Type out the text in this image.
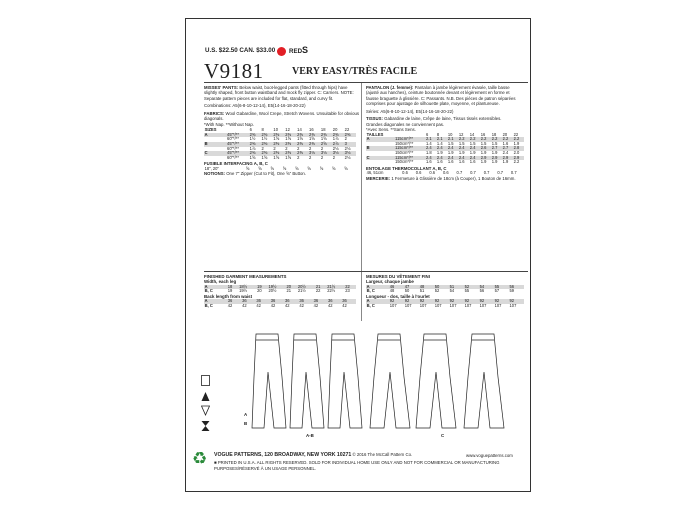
U.S. $22.50 CAN. $33.00 RED S
V9181	VERY EASY/TRÈS FACILE

MISSES' PANTS: Below waist, boot-legged pants (fitted through hips) have slightly shaped, front button waistband and mock fly zipper. C: Carriers. NOTE: Separate pattern pieces are included for flat, standard, and curvy fit.

Combinations: A5(6-8-10-12-14), E5(14-16-18-20-22)

FABRICS: Wool Gabardine, Wool Crepe, Stretch Wovens. Unsuitable for obvious diagonals.

*With Nap. **Without Nap.

SIZES		6	8	10	12	14	16	18	20	22
A	45"*/**	2⅜	2⅜	2⅜	2⅜	2⅜	2⅜	2⅜	2⅜	2⅜
	60"*/**	1½	1½	1⅝	1⅝	1⅝	1⅝	1⅝	1⅞	2
B	45"*/**	2⅜	2⅜	2⅜	2⅜	2⅜	2⅜	2⅝	2⅞	3
	60"*/**	1⅞	2	2	2	2	2	2	2⅛	2⅛
C	45"*/**	2⅜	2⅜	2⅜	2⅜	2⅜	3⅛	3⅛	3⅛	3⅛
	60"*/**	1⅝	1⅝	1⅝	1⅝	2	2	2	2	2⅛
FUSIBLE INTERFACING A, B, C
18", 20"	⅝	⅝	⅝	⅝	⅝	⅝	⅝	⅝	⅝
NOTIONS: One 7" Zipper (Cut to Fit), One ⅝" Button.

PANTALON (J. femme): Pantalon à jambe légèrement évasée, taille basse (ajusté aux hanches), ceinture boutonnée devant et légèrement en forme et fausse braguette à glissière. C: Passants. N.B. Des pièces de patron séparées comprises pour ajustage de silhouette plate, moyenne, et plantureuse.

Séries: A5(6-8-10-12-14), E5(14-16-18-20-22)

TISSUS: Gabardine de laine, Crêpe de laine, Tissus tissés extensibles.

Grandes diagonales ne conviennent pas.

*Avec Sens. **Sans Sens.

TAILLES		6	8	10	12	14	16	18	20	22
A	115cm*/**	2.1	2.1	2.1	2.2	2.2	2.2	2.2	2.2	2.2
	150cm*/**	1.4	1.4	1.5	1.5	1.5	1.5	1.5	1.6	1.9
B	115cm*/**	2.4	2.4	2.4	2.4	2.4	2.6	2.7	2.7	2.8
	150cm*/**	1.8	1.9	1.9	1.9	1.9	1.9	1.9	2.4	2.0
C	115cm*/**	2.4	2.4	2.4	2.4	2.4	2.9	2.9	2.9	2.9
	150cm*/**	1.6	1.6	1.6	1.6	1.6	1.9	1.9	1.9	2.2
ENTOILAGE THERMOCOLLANT A, B, C
46, 51cm	0.6	0.6	0.6	0.6	0.7	0.7	0.7	0.7	0.7
MERCERIE: 1 Fermeture à Glissière de 18cm (à Couper), 1 Bouton de 16mm.
FINISHED GARMENT MEASUREMENTS
Width, each leg
A	18	18½	19	19½	20	20½	21	21½	22
B, C	19	19½	20	20½	21	21½	22	22½	23
Back length from waist
A	36	36	36	36	36	36	36	36	36
B, C	42	42	42	42	42	42	42	42	42
MESURES DU VÊTEMENT FINI
Largeur, chaque jambe
A	46	47	48	50	51	52	54	55	56
B, C	48	50	51	52	54	55	56	57	59
Longueur - dos, taille à l'ourlet
A	92	92	92	92	92	92	92	92	92
B, C	107	107	107	107	107	107	107	107	107
A
B
A-B	C
♻ VOGUE PATTERNS, 120 BROADWAY, NEW YORK 10271 © 2016 The McCall Pattern Co.	www.voguepatterns.com
■ PRINTED IN U.S.A. ALL RIGHTS RESERVED. SOLD FOR INDIVIDUAL HOME USE ONLY AND NOT FOR COMMERCIAL OR MANUFACTURING PURPOSES/RÉSERVÉ À UN USAGE PERSONNEL.
